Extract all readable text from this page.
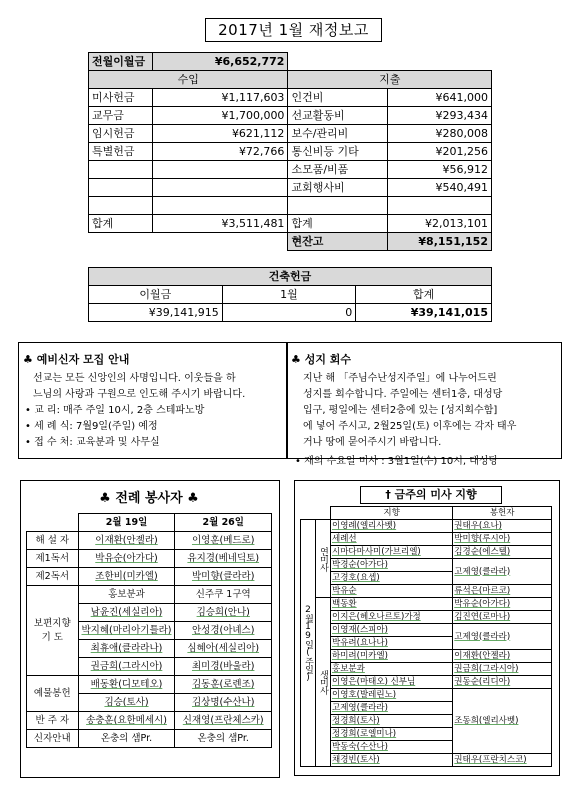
2017년 1월 재정보고
전월이월금	¥6,652,772		
수입		지출	
미사헌금	¥1,117,603	인건비	¥641,000
교무금	¥1,700,000	선교활동비	¥293,434
임시헌금	¥621,112	보수/관리비	¥280,008
특별헌금	¥72,766	통신비등 기타	¥201,256
		소모품/비품	¥56,912
		교회행사비	¥540,491

합계	¥3,511,481	합계	¥2,013,101
		현잔고	¥8,151,152
건축헌금		
이월금	1월	합계
¥39,141,915	0	¥39,141,015
♣ 예비신자 모집 안내

선교는 모든 신앙인의 사명입니다. 이웃들을 하

느님의 사랑과 구원으로 인도해 주시기 바랍니다.

• 교 리: 매주 주일 10시, 2층 스테파노방

• 세 례 식: 7월9일(주일) 예정

• 접 수 처: 교육분과 및 사무실

♣ 성지 회수

지난 해 「주님수난성지주일」에 나누어드린

성지를 회수합니다. 주일에는 센터1층, 대성당

입구, 평일에는 센터2층에 있는 [성지회수함]

에 넣어 주시고, 2월25일(토) 이후에는 각자 태우

거나 땅에 묻어주시기 바랍니다.

• 재의 수요일 미사 : 3월1일(수) 10시, 대성당

♣ 전례 봉사자 ♣
	2월 19일	2월 26일
해 설 자	이재환(안젤라)	이영훈(베드로)
제1독서	박유순(아가다)	유지경(베네딕토)
제2독서	조한비(미카엘)	박미향(클라라)
보편지향
기 도	홍보분과	신주쿠 1구역
	남윤진(세실리아)	김승희(안나)
	박지혜(마리아기틀라)	안성경(아녜스)
	최휴애(클라라나)	심혜아(세실리아)
	권금희(그라시아)	최미경(바울라)
예물봉헌	배동환(디모테오)	김동훈(로렌조)
	김승(토사)	김상명(수산나)
반 주 자	송충훈(요한메세시)	신재영(프란체스카)
신자안내	온충의 샘Pr.	온충의 샘Pr.
† 금주의 미사 지향
		지향	봉헌자
2월19일(주일)	연미사	이영례(엘리사벳)	권태우(요나)
		세례선	박미향(루시아)
		시마다마사미(가브리엘)	김경순(에스텔)
		박경순(아가다)	고제영(클라라)
		고경호(요셉)	
		박유순	류석은(마르코)
	생미사	백동환	박유순(아가다)
		이지은(헤오나르토)가정	김진연(로마나)
		이영재(스피아)	고제영(클라라)
		박유려(요나나)	
		하미려(미카엘)	이재환(안젤라)
		홍보분과	권금희(그라시아)
		이영은(마태오) 신부님	권동순(리디아)
		이영호(발레린노)	조동희(엘리사벳)
		고제영(클라라)	
		정경희(토사)	
		정경희(로엘미나)	
		박동숙(수산나)	
		채경빈(토사)	권태우(프란치스코)
